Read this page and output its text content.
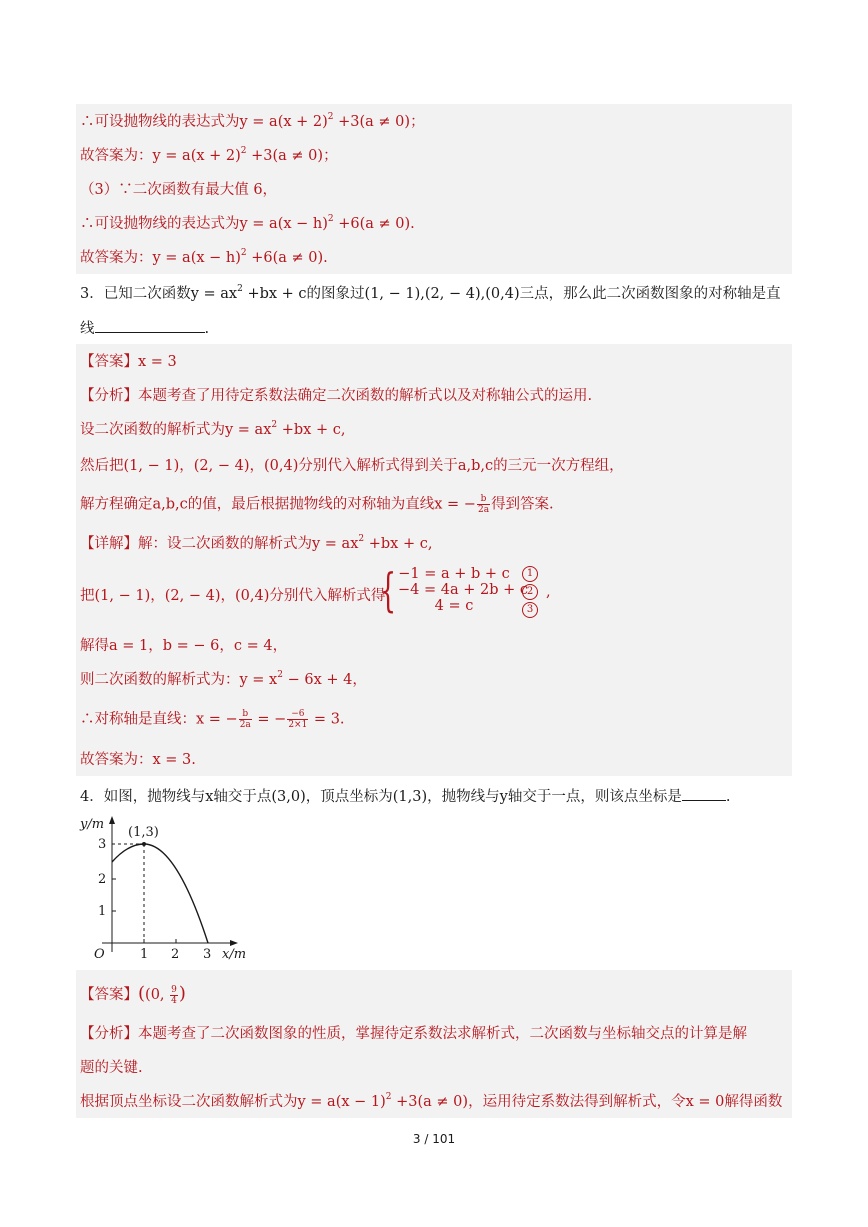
∴可设抛物线的表达式为$y = a(x + 2)^2 +3(a \ne 0)$；
故答案为：$y = a(x + 2)^2 +3(a \ne 0)$；
（3）∵二次函数有最大值 6，
∴可设抛物线的表达式为$y = a(x - h)^2 +6(a \ne 0)$.
故答案为：$y = a(x - h)^2 +6(a \ne 0)$.
3．已知二次函数$y = ax^2 +bx + c$的图象过(1, − 1),(2, − 4),(0,4)三点，那么此二次函数图象的对称轴是直
线	.
【答案】x = 3
【分析】本题考查了用待定系数法确定二次函数的解析式以及对称轴公式的运用.
设二次函数的解析式为$y = ax^2 +bx + c$,
然后把(1, − 1)，(2, − 4)，(0,4)分别代入解析式得到关于a,b,c的三元一次方程组，
解方程确定a,b,c的值，最后根据抛物线的对称轴为直线x = − $\frac{b}{2a}$ 得到答案.
【详解】解：设二次函数的解析式为$y = ax^2 +bx + c$,
把(1, − 1)，(2, − 4)，(0,4)分别代入解析式得
{ −1 = a + b + c
−4 = 4a + 2b + c
4 = c
1
2
3
,
解得a = 1，b = − 6，c = 4，
则二次函数的解析式为：$y = x^2 - 6x + 4$，
∴对称轴是直线：x = − $\frac{b}{2a}$ = − $\frac{-6}{2\times 1} = 3$.
故答案为：x = 3.
4．如图，抛物线与x轴交于点(3,0)，顶点坐标为(1,3)，抛物线与y轴交于一点，则该点坐标是	.
y/m
x/m
O	1 2 3
1
2
3
(1,3)
【答案】((0, $\frac{9}{4}$ )
【分析】本题考查了二次函数图象的性质，掌握待定系数法求解析式，二次函数与坐标轴交点的计算是解
题的关键.
根据顶点坐标设二次函数解析式为$y = a(x - 1)^2 +3(a \ne 0)$，运用待定系数法得到解析式，令x = 0解得函数
3 / 101
